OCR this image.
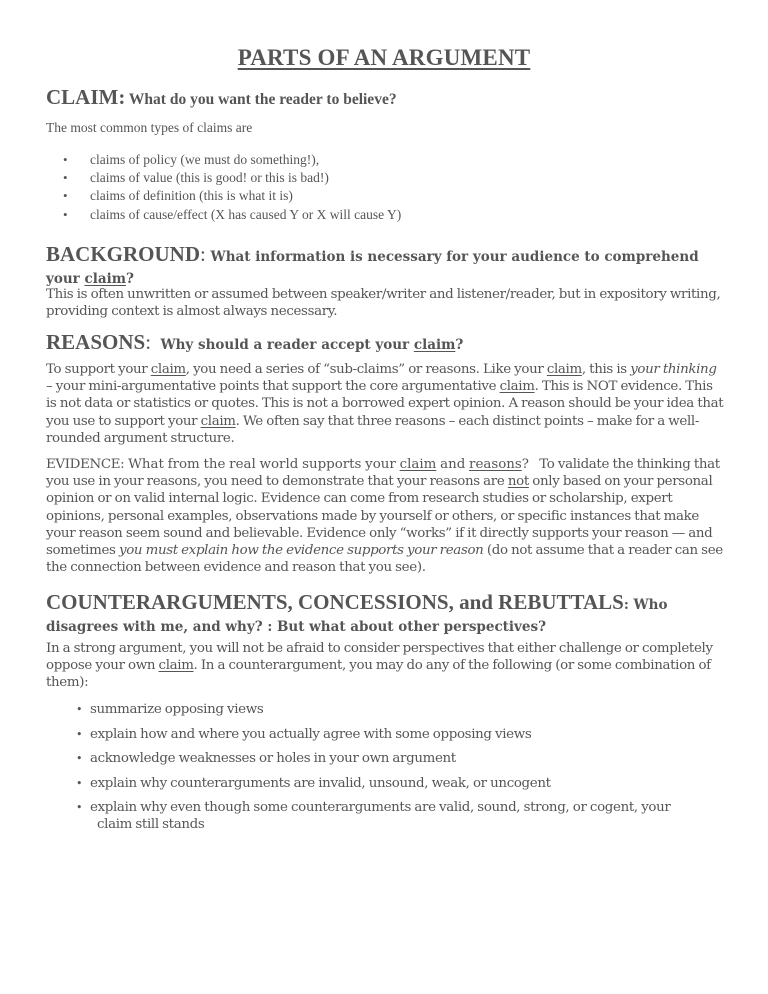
PARTS OF AN ARGUMENT
CLAIM: What do you want the reader to believe?

The most common types of claims are

• claims of policy (we must do something!),
• claims of value (this is good! or this is bad!)
• claims of definition (this is what it is)
• claims of cause/effect (X has caused Y or X will cause Y)
BACKGROUND: What information is necessary for your audience to comprehend
your claim?

This is often unwritten or assumed between speaker/writer and listener/reader, but in expository writing, providing context is almost always necessary.

REASONS:  Why should a reader accept your claim?

To support your claim, you need a series of “sub-claims” or reasons. Like your claim, this is your thinking – your mini-argumentative points that support the core argumentative claim. This is NOT evidence. This is not data or statistics or quotes. This is not a borrowed expert opinion. A reason should be your idea that you use to support your claim. We often say that three reasons – each distinct points – make for a well-rounded argument structure.

EVIDENCE: What from the real world supports your claim and reasons?   To validate the thinking that you use in your reasons, you need to demonstrate that your reasons are not only based on your personal opinion or on valid internal logic. Evidence can come from research studies or scholarship, expert opinions, personal examples, observations made by yourself or others, or specific instances that make your reason seem sound and believable. Evidence only “works” if it directly supports your reason — and sometimes you must explain how the evidence supports your reason (do not assume that a reader can see the connection between evidence and reason that you see).

COUNTERARGUMENTS, CONCESSIONS, and REBUTTALS: Who
disagrees with me, and why? : But what about other perspectives?

In a strong argument, you will not be afraid to consider perspectives that either challenge or completely oppose your own claim. In a counterargument, you may do any of the following (or some combination of them):

• summarize opposing views
• explain how and where you actually agree with some opposing views
• acknowledge weaknesses or holes in your own argument
• explain why counterarguments are invalid, unsound, weak, or uncogent
• explain why even though some counterarguments are valid, sound, strong, or cogent, your
claim still stands
